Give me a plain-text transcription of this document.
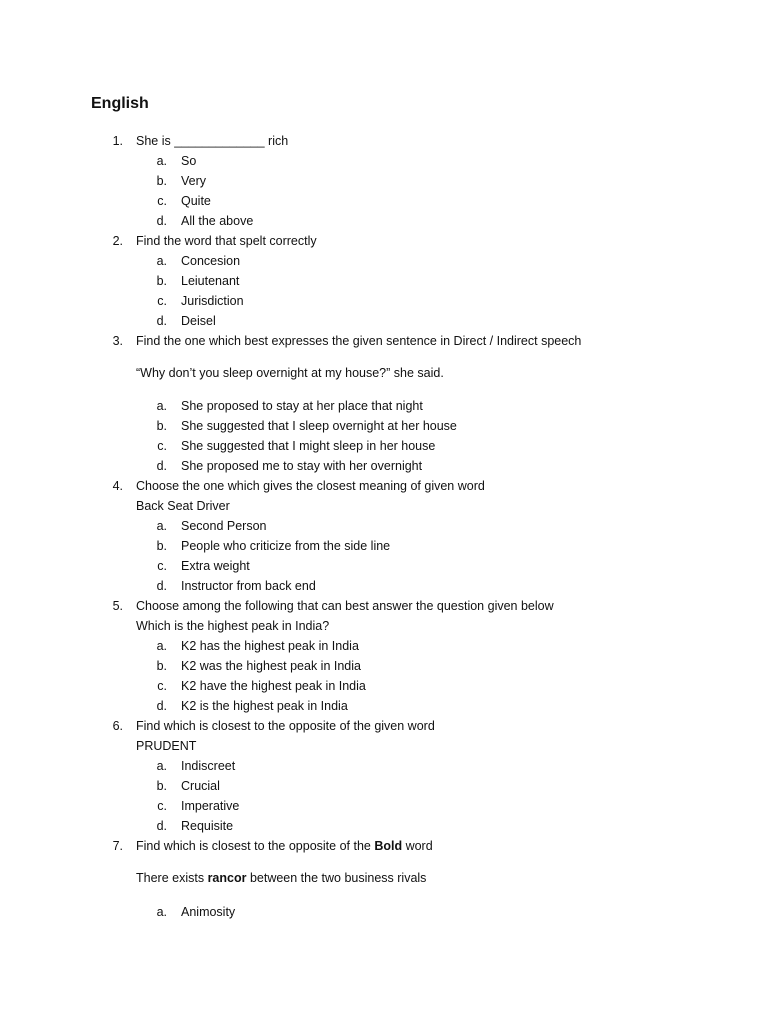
English
1. She is _____________ rich
a. So
b. Very
c. Quite
d. All the above
2. Find the word that spelt correctly
a. Concesion
b. Leiutenant
c. Jurisdiction
d. Deisel
3. Find the one which best expresses the given sentence in Direct / Indirect speech
“Why don’t you sleep overnight at my house?” she said.
a. She proposed to stay at her place that night
b. She suggested that I sleep overnight at her house
c. She suggested that I might sleep in her house
d. She proposed me to stay with her overnight
4. Choose the one which gives the closest meaning of given word
Back Seat Driver
a. Second Person
b. People who criticize from the side line
c. Extra weight
d. Instructor from back end
5. Choose among the following that can best answer the question given below
Which is the highest peak in India?
a. K2 has the highest peak in India
b. K2 was the highest peak in India
c. K2 have the highest peak in India
d. K2 is the highest peak in India
6. Find which is closest to the opposite of the given word
PRUDENT
a. Indiscreet
b. Crucial
c. Imperative
d. Requisite
7. Find which is closest to the opposite of the Bold word
There exists rancor between the two business rivals
a. Animosity
